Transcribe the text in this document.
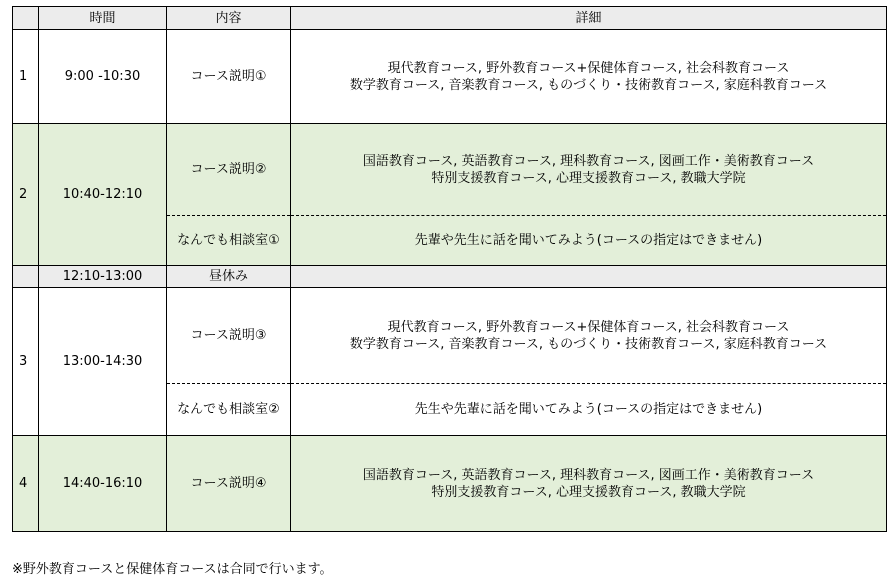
	時間	内容	詳細
1	9:00 -10:30	コース説明①	現代教育コース, 野外教育コース+保健体育コース, 社会科教育コース
数学教育コース, 音楽教育コース, ものづくり・技術教育コース, 家庭科教育コース

2	10:40-12:10	コース説明②	国語教育コース, 英語教育コース, 理科教育コース, 図画工作・美術教育コース
特別支援教育コース, 心理支援教育コース, 教職大学院

		なんでも相談室①	先輩や先生に話を聞いてみよう(コースの指定はできません)
	12:10-13:00	昼休み	
3	13:00-14:30	コース説明③	現代教育コース, 野外教育コース+保健体育コース, 社会科教育コース
数学教育コース, 音楽教育コース, ものづくり・技術教育コース, 家庭科教育コース

		なんでも相談室②	先生や先輩に話を聞いてみよう(コースの指定はできません)
4	14:40-16:10	コース説明④	国語教育コース, 英語教育コース, 理科教育コース, 図画工作・美術教育コース
特別支援教育コース, 心理支援教育コース, 教職大学院
※野外教育コースと保健体育コースは合同で行います。
